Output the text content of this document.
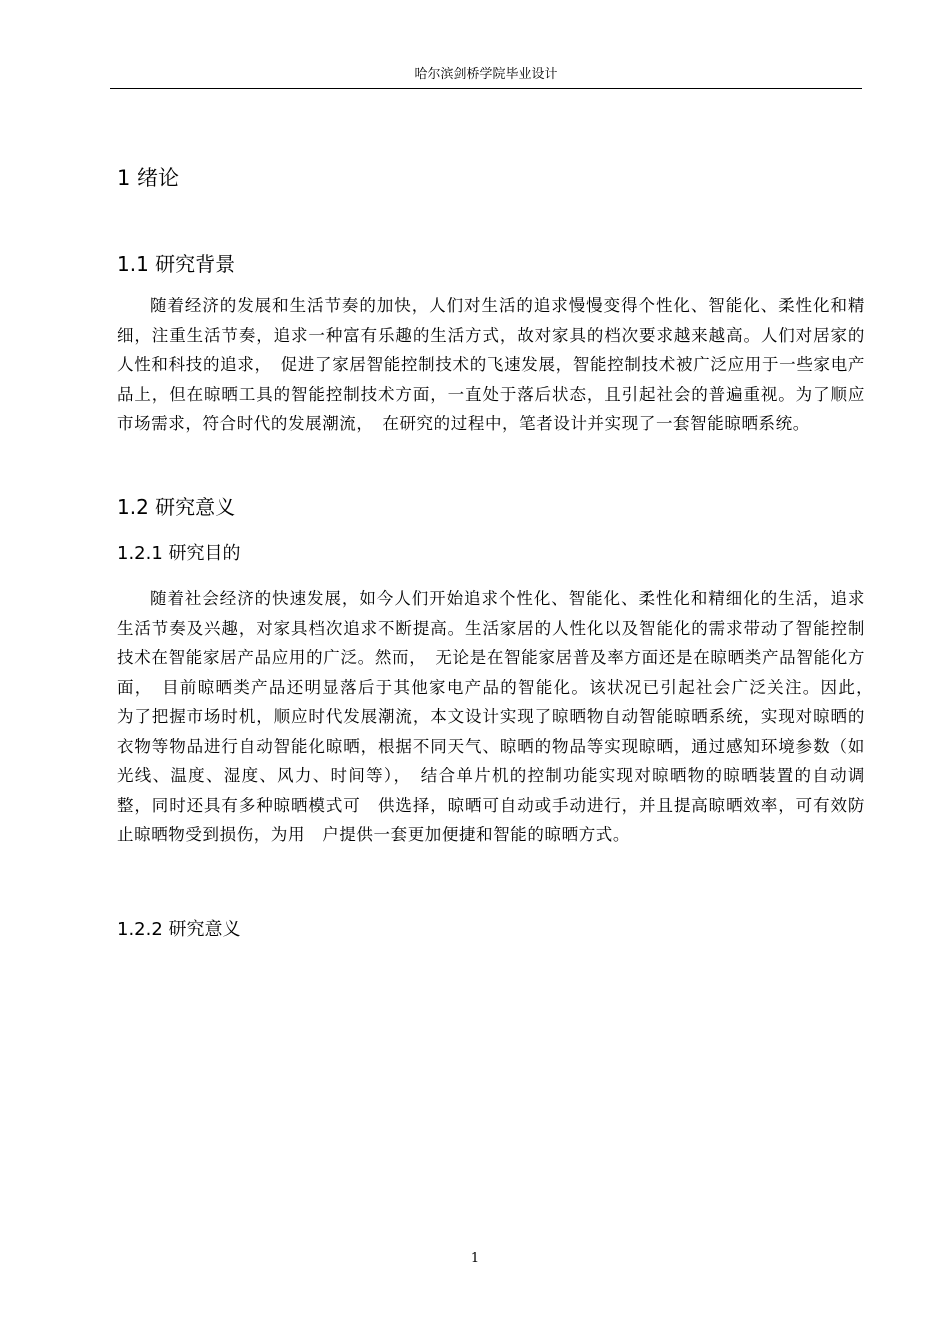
哈尔滨剑桥学院毕业设计
1 绪论
1.1 研究背景

随着经济的发展和生活节奏的加快，人们对生活的追求慢慢变得个性化、智能化、柔性化和精细，注重生活节奏，追求一种富有乐趣的生活方式，故对家具的档次要求越来越高。人们对居家的人性和科技的追求，　促进了家居智能控制技术的飞速发展，智能控制技术被广泛应用于一些家电产品上，但在晾晒工具的智能控制技术方面，一直处于落后状态，且引起社会的普遍重视。为了顺应市场需求，符合时代的发展潮流，　在研究的过程中，笔者设计并实现了一套智能晾晒系统。

1.2 研究意义
1.2.1 研究目的

随着社会经济的快速发展，如今人们开始追求个性化、智能化、柔性化和精细化的生活，追求生活节奏及兴趣，对家具档次追求不断提高。生活家居的人性化以及智能化的需求带动了智能控制技术在智能家居产品应用的广泛。然而，　无论是在智能家居普及率方面还是在晾晒类产品智能化方面，　目前晾晒类产品还明显落后于其他家电产品的智能化。该状况已引起社会广泛关注。因此，　为了把握市场时机，顺应时代发展潮流，本文设计实现了晾晒物自动智能晾晒系统，实现对晾晒的衣物等物品进行自动智能化晾晒，根据不同天气、晾晒的物品等实现晾晒，通过感知环境参数（如光线、温度、湿度、风力、时间等），　结合单片机的控制功能实现对晾晒物的晾晒装置的自动调整，同时还具有多种晾晒模式可　供选择，晾晒可自动或手动进行，并且提高晾晒效率，可有效防止晾晒物受到损伤，为用　户提供一套更加便捷和智能的晾晒方式。

1.2.2 研究意义
1
